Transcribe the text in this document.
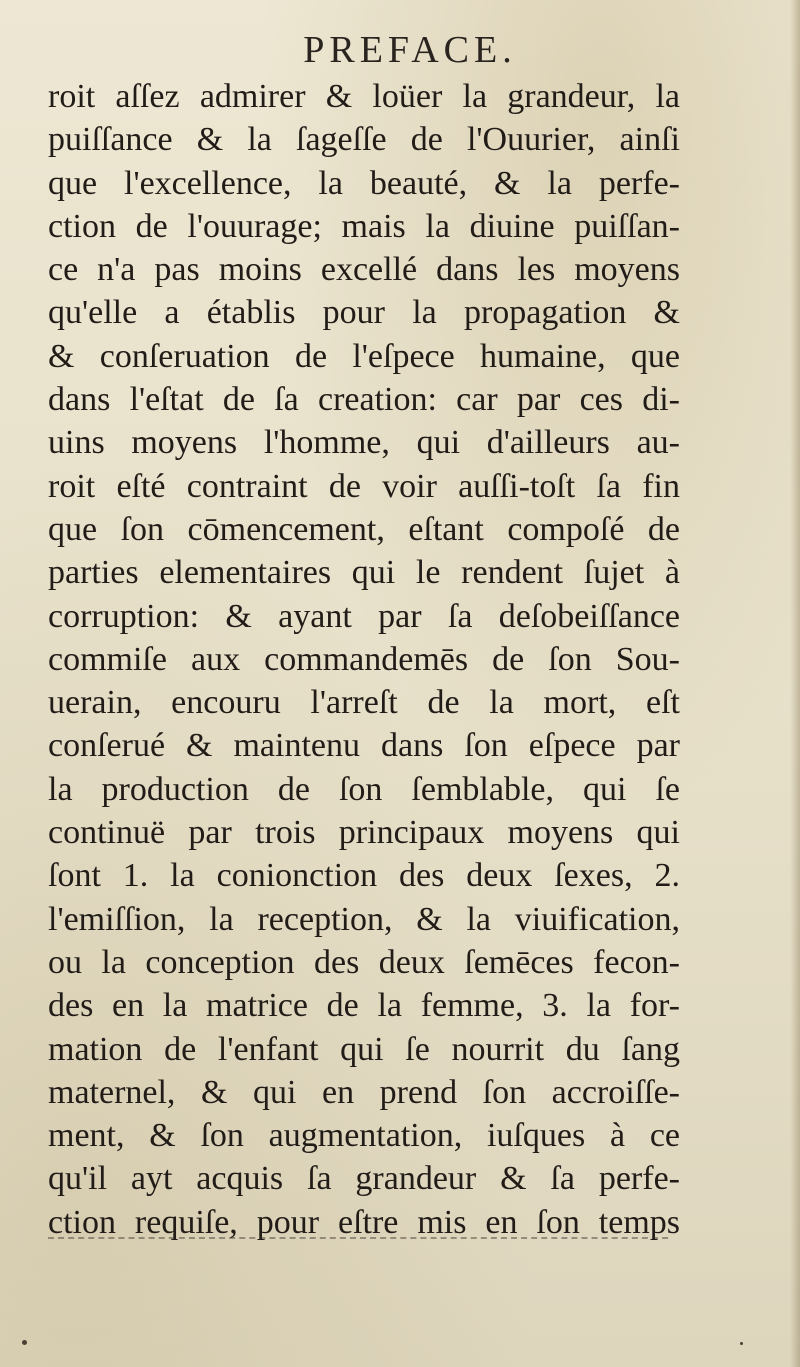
PREFACE.
roit aſſez admirer & loüer la grandeur, la
puiſſance & la ſageſſe de l'Ouurier, ainſi
que l'excellence, la beauté, & la perfe-
ction de l'ouurage; mais la diuine puiſſan-
ce n'a pas moins excellé dans les moyens
qu'elle a établis pour la propagation &
& conſeruation de l'eſpece humaine, que
dans l'eſtat de ſa creation: car par ces di-
uins moyens l'homme, qui d'ailleurs au-
roit eſté contraint de voir auſſi-toſt ſa fin
que ſon cōmencement, eſtant compoſé de
parties elementaires qui le rendent ſujet à
corruption: & ayant par ſa deſobeiſſance
commiſe aux commandemēs de ſon Sou-
uerain, encouru l'arreſt de la mort, eſt
conſerué & maintenu dans ſon eſpece par
la production de ſon ſemblable, qui ſe
continuë par trois principaux moyens qui
ſont 1. la conionction des deux ſexes, 2.
l'emiſſion, la reception, & la viuification,
ou la conception des deux ſemēces fecon-
des en la matrice de la femme, 3. la for-
mation de l'enfant qui ſe nourrit du ſang
maternel, & qui en prend ſon accroiſſe-
ment, & ſon augmentation, iuſques à ce
qu'il ayt acquis ſa grandeur & ſa perfe-
ction requiſe, pour eſtre mis en ſon temps
